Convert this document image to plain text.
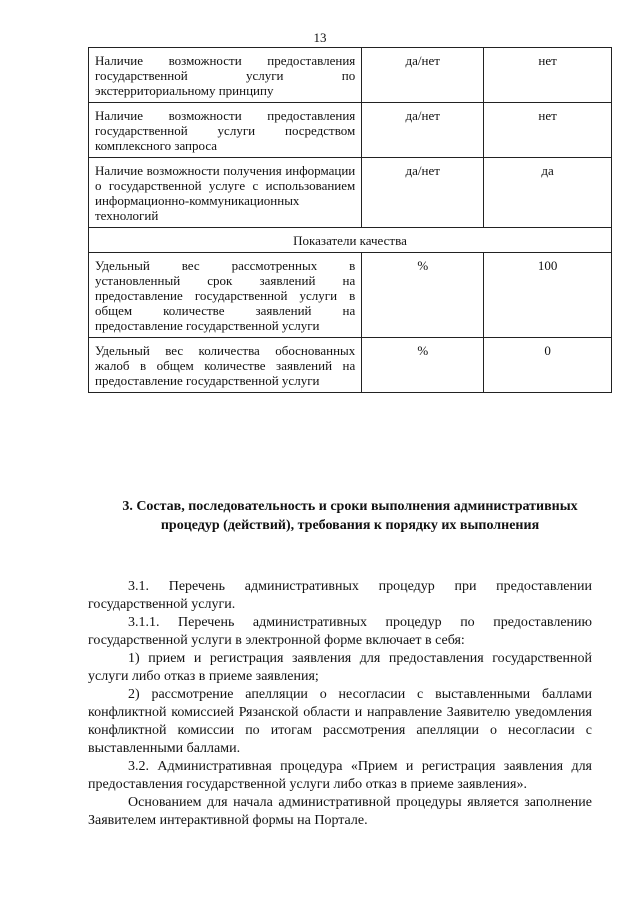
13
Наличие возможности предоставления государственной услуги по экстерриториальному принципу	да/нет	нет
Наличие возможности предоставления государственной услуги посредством комплексного запроса	да/нет	нет
Наличие возможности получения информации о государственной услуге с использованием информационно-коммуникационных технологий	да/нет	да
Показатели качества		
Удельный вес рассмотренных в установленный срок заявлений на предоставление государственной услуги в общем количестве заявлений на предоставление государственной услуги	%	100
Удельный вес количества обоснованных жалоб в общем количестве заявлений на предоставление государственной услуги	%	0
3. Состав, последовательность и сроки выполнения административных процедур (действий), требования к порядку их выполнения

3.1. Перечень административных процедур при предоставлении государственной услуги.

3.1.1. Перечень административных процедур по предоставлению государственной услуги в электронной форме включает в себя:

1) прием и регистрация заявления для предоставления государственной услуги либо отказ в приеме заявления;

2) рассмотрение апелляции о несогласии с выставленными баллами конфликтной комиссией Рязанской области и направление Заявителю уведомления конфликтной комиссии по итогам рассмотрения апелляции о несогласии с выставленными баллами.

3.2. Административная процедура «Прием и регистрация заявления для предоставления государственной услуги либо отказ в приеме заявления».

Основанием для начала административной процедуры является заполнение Заявителем интерактивной формы на Портале.
